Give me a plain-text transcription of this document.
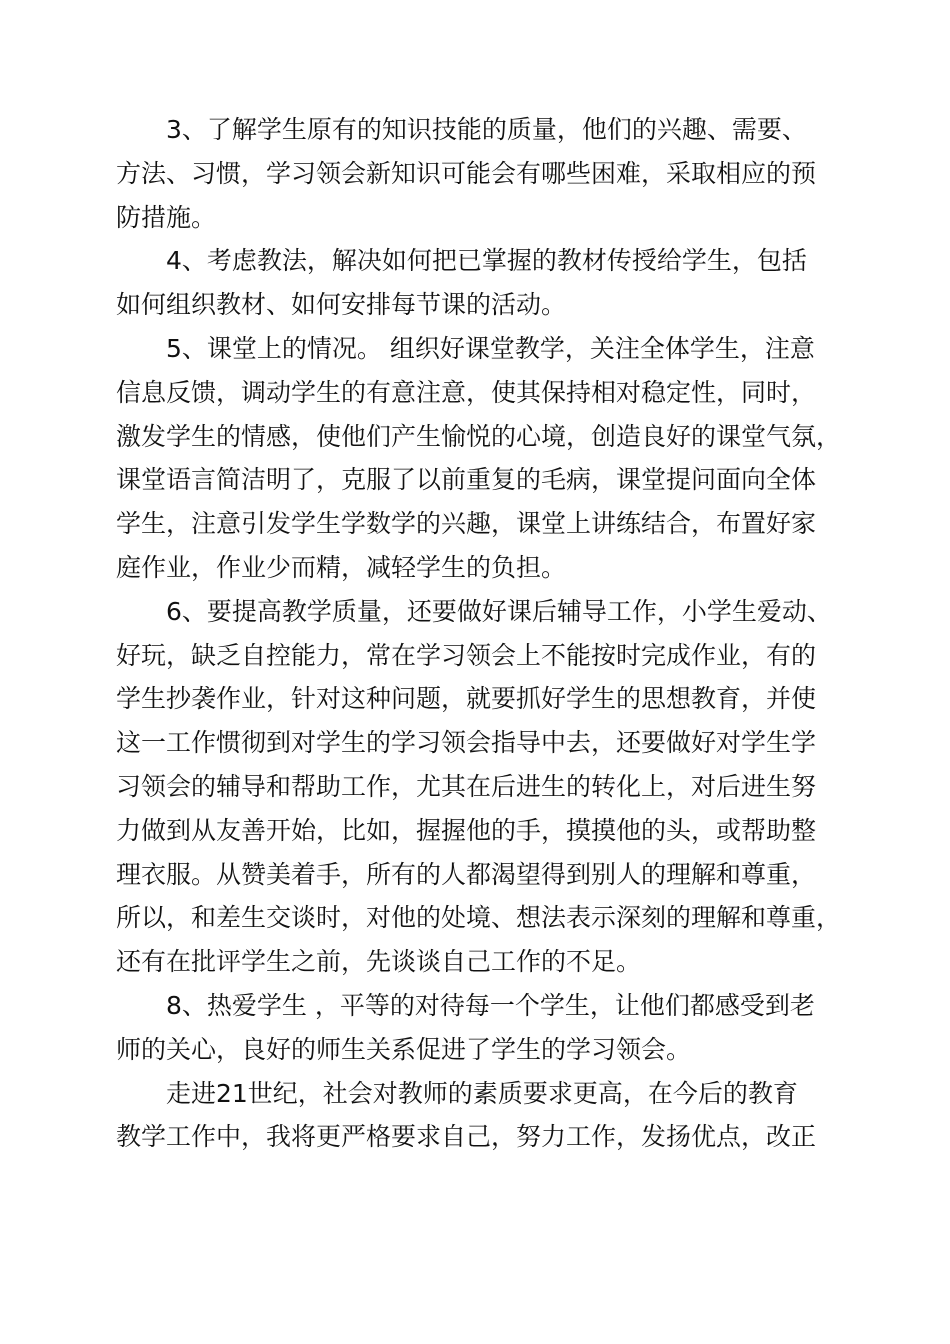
3、了解学生原有的知识技能的质量，他们的兴趣、需要、
方法、习惯，学习领会新知识可能会有哪些困难，采取相应的预
防措施。
4、考虑教法，解决如何把已掌握的教材传授给学生，包括
如何组织教材、如何安排每节课的活动。
5、课堂上的情况。 组织好课堂教学，关注全体学生，注意
信息反馈，调动学生的有意注意，使其保持相对稳定性，同时，
激发学生的情感，使他们产生愉悦的心境，创造良好的课堂气氛，
课堂语言简洁明了，克服了以前重复的毛病，课堂提问面向全体
学生，注意引发学生学数学的兴趣，课堂上讲练结合，布置好家
庭作业，作业少而精，减轻学生的负担。
6、要提高教学质量，还要做好课后辅导工作，小学生爱动、
好玩，缺乏自控能力，常在学习领会上不能按时完成作业，有的
学生抄袭作业，针对这种问题，就要抓好学生的思想教育，并使
这一工作惯彻到对学生的学习领会指导中去，还要做好对学生学
习领会的辅导和帮助工作，尤其在后进生的转化上，对后进生努
力做到从友善开始，比如，握握他的手，摸摸他的头，或帮助整
理衣服。从赞美着手，所有的人都渴望得到别人的理解和尊重，
所以，和差生交谈时，对他的处境、想法表示深刻的理解和尊重，
还有在批评学生之前，先谈谈自己工作的不足。
8、热爱学生 ，平等的对待每一个学生，让他们都感受到老
师的关心，良好的师生关系促进了学生的学习领会。
走进21世纪，社会对教师的素质要求更高，在今后的教育
教学工作中，我将更严格要求自己，努力工作，发扬优点，改正
